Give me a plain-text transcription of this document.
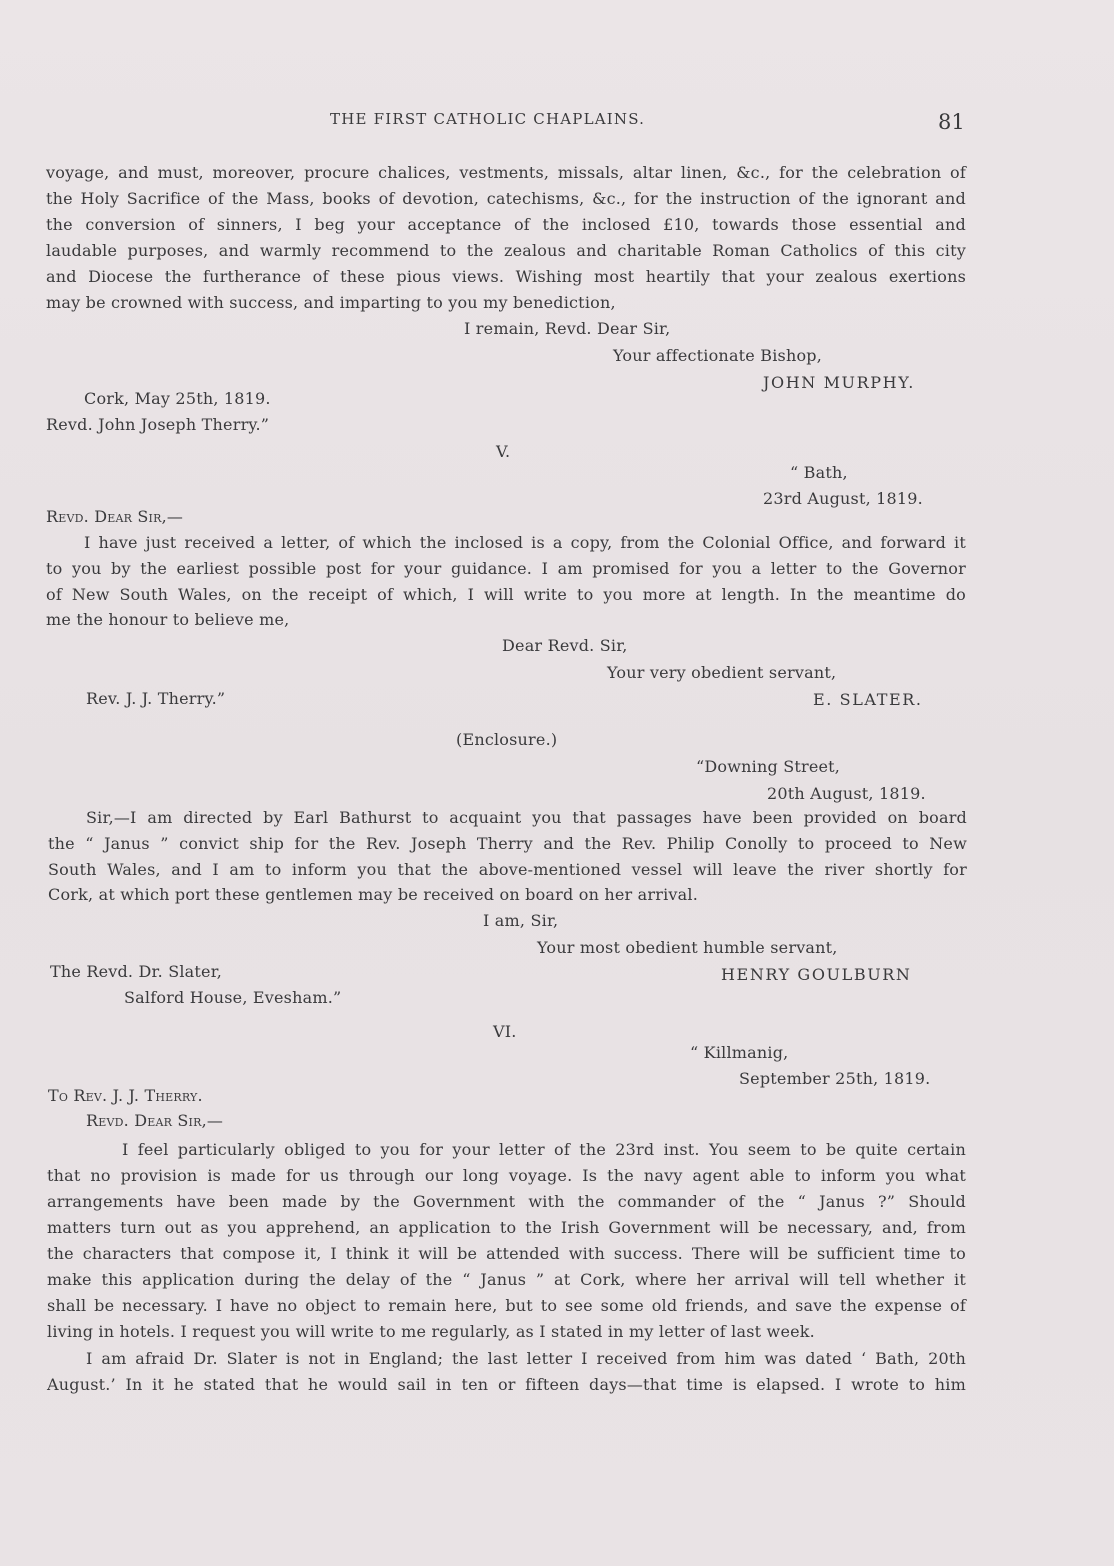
THE FIRST CATHOLIC CHAPLAINS.	81
voyage, and must, moreover, procure chalices, vestments, missals, altar linen, &c., for the celebration of
the Holy Sacrifice of the Mass, books of devotion, catechisms, &c., for the instruction of the ignorant and
the conversion of sinners, I beg your acceptance of the inclosed £10, towards those essential and
laudable purposes, and warmly recommend to the zealous and charitable Roman Catholics of this city
and Diocese the furtherance of these pious views. Wishing most heartily that your zealous exertions
may be crowned with success, and imparting to you my benediction,
I remain, Revd. Dear Sir,
Your affectionate Bishop,
JOHN MURPHY.
Cork, May 25th, 1819.
Revd. John Joseph Therry.”
V.
“ Bath,
23rd August, 1819.
Revd. Dear Sir,—
I have just received a letter, of which the inclosed is a copy, from the Colonial Office, and forward it
to you by the earliest possible post for your guidance. I am promised for you a letter to the Governor
of New South Wales, on the receipt of which, I will write to you more at length. In the meantime do
me the honour to believe me,
Dear Revd. Sir,
Your very obedient servant,
Rev. J. J. Therry.”	E. SLATER.
(Enclosure.)
“Downing Street,
20th August, 1819.
Sir,—I am directed by Earl Bathurst to acquaint you that passages have been provided on board
the “ Janus ” convict ship for the Rev. Joseph Therry and the Rev. Philip Conolly to proceed to New
South Wales, and I am to inform you that the above-mentioned vessel will leave the river shortly for
Cork, at which port these gentlemen may be received on board on her arrival.
I am, Sir,
Your most obedient humble servant,
The Revd. Dr. Slater,	HENRY GOULBURN
Salford House, Evesham.”
VI.
“ Killmanig,
September 25th, 1819.
To Rev. J. J. Therry.
Revd. Dear Sir,—
I feel particularly obliged to you for your letter of the 23rd inst. You seem to be quite certain
that no provision is made for us through our long voyage. Is the navy agent able to inform you what
arrangements have been made by the Government with the commander of the “ Janus ?” Should
matters turn out as you apprehend, an application to the Irish Government will be necessary, and, from
the characters that compose it, I think it will be attended with success. There will be sufficient time to
make this application during the delay of the “ Janus ” at Cork, where her arrival will tell whether it
shall be necessary. I have no object to remain here, but to see some old friends, and save the expense of
living in hotels. I request you will write to me regularly, as I stated in my letter of last week.
I am afraid Dr. Slater is not in England; the last letter I received from him was dated ‘ Bath, 20th
August.’ In it he stated that he would sail in ten or fifteen days—that time is elapsed. I wrote to him
